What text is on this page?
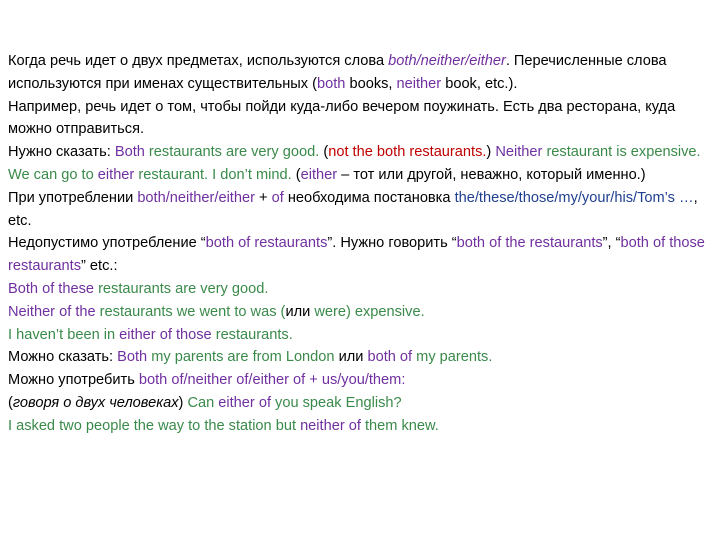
Когда речь идет о двух предметах, используются слова both/neither/either. Перечисленные слова используются при именах существительных (both books, neither book, etc.).

Например, речь идет о том, чтобы пойди куда-либо вечером поужинать. Есть два ресторана, куда можно отправиться.

Нужно сказать: Both restaurants are very good. (not the both restaurants.) Neither restaurant is expensive. We can go to either restaurant. I don’t mind. (either – тот или другой, неважно, который именно.)

При употреблении both/neither/either + of необходима постановка the/these/those/my/your/his/Tom’s …, etc.

Недопустимо употребление “both of restaurants”. Нужно говорить “both of the restaurants”, “both of those restaurants” etc.:

Both of these restaurants are very good.

Neither of the restaurants we went to was (или were) expensive.

I haven’t been in either of those restaurants.

Можно сказать: Both my parents are from London или both of my parents.

Можно употребить both of/neither of/either of + us/you/them:

(говоря о двух человеках) Can either of you speak English?

I asked two people the way to the station but neither of them knew.
